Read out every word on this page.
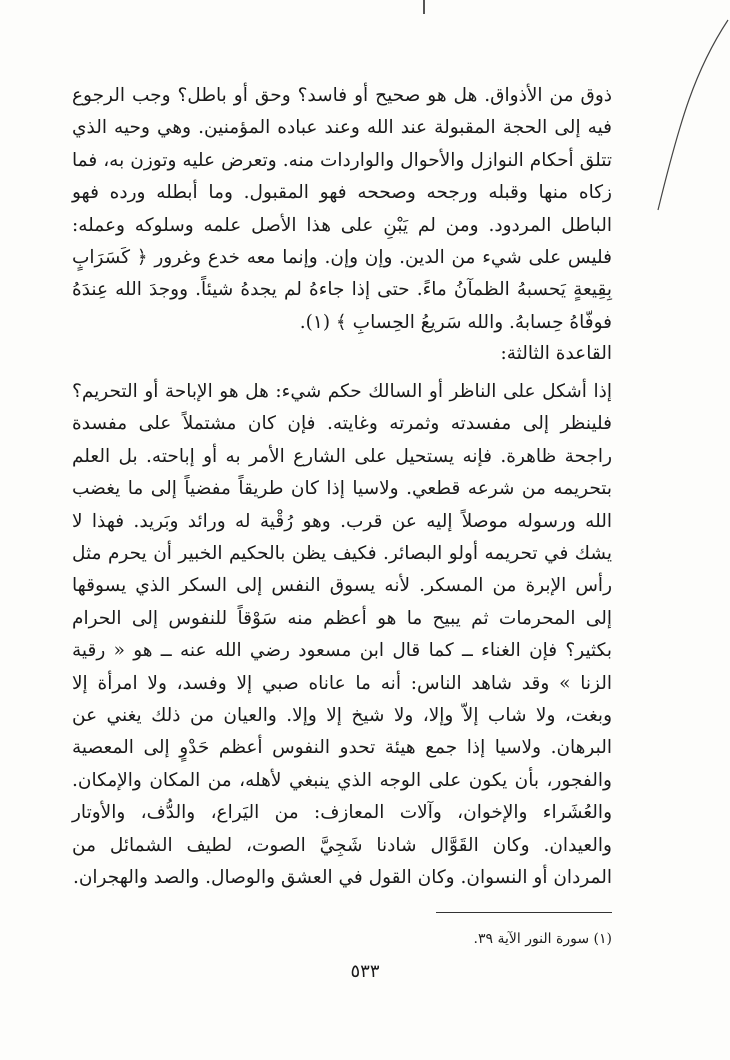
ذوق من الأذواق. هل هو صحيح أو فاسد؟ وحق أو باطل؟ وجب الرجوع فيه إلى الحجة المقبولة عند الله وعند عباده المؤمنين. وهي وحيه الذي تتلق أحكام النوازل والأحوال والواردات منه. وتعرض عليه وتوزن به، فما زكاه منها وقبله ورجحه وصححه فهو المقبول. وما أبطله ورده فهو الباطل المردود. ومن لم يَبْنِ على هذا الأصل علمه وسلوكه وعمله: فليس على شيء من الدين. وإن وإن. وإنما معه خدع وغرور ﴿ كَسَرَابٍ بِقِيعةٍ يَحسبهُ الظمآنُ ماءً. حتى إذا جاءهُ لم يجدهُ شيئاً. ووجدَ الله عِندَهُ فوفّاهُ حِسابهُ. والله سَريعُ الحِسابِ ﴾ (١).

القاعدة الثالثة:

إذا أشكل على الناظر أو السالك حكم شيء: هل هو الإباحة أو التحريم؟ فلينظر إلى مفسدته وثمرته وغايته. فإن كان مشتملاً على مفسدة راجحة ظاهرة. فإنه يستحيل على الشارع الأمر به أو إباحته. بل العلم بتحريمه من شرعه قطعي. ولاسيا إذا كان طريقاً مفضياً إلى ما يغضب الله ورسوله موصلاً إليه عن قرب. وهو رُقْية له ورائد وبَريد. فهذا لا يشك في تحريمه أولو البصائر. فكيف يظن بالحكيم الخبير أن يحرم مثل رأس الإبرة من المسكر. لأنه يسوق النفس إلى السكر الذي يسوقها إلى المحرمات ثم يبيح ما هو أعظم منه سَوْقاً للنفوس إلى الحرام بكثير؟ فإن الغناء ــ كما قال ابن مسعود رضي الله عنه ــ هو « رقية الزنا » وقد شاهد الناس: أنه ما عاناه صبي إلا وفسد، ولا امرأة إلا وبغت، ولا شاب إلاّ وإلا، ولا شيخ إلا وإلا. والعيان من ذلك يغني عن البرهان. ولاسيا إذا جمع هيئة تحدو النفوس أعظم حَدْوٍ إلى المعصية والفجور، بأن يكون على الوجه الذي ينبغي لأهله، من المكان والإمكان. والعُشَراء والإخوان، وآلات المعازف: من اليَراع، والدُّف، والأوتار والعيدان. وكان القَوَّال شادنا شَجِيَّ الصوت، لطيف الشمائل من المردان أو النسوان. وكان القول في العشق والوصال. والصد والهجران.

(١) سورة النور الآية ٣٩.

٥٣٣
